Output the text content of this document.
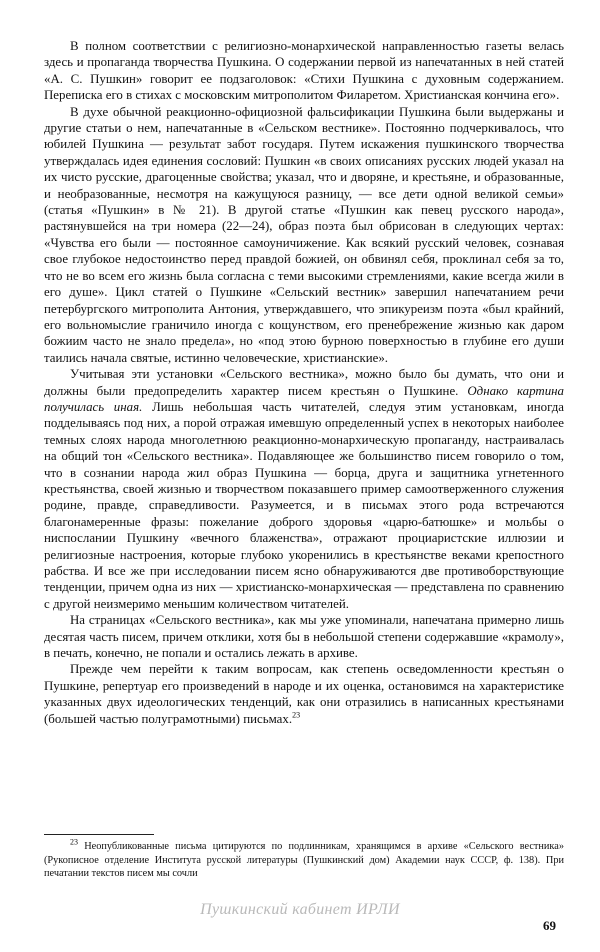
В полном соответствии с религиозно-монархической направленностью газеты велась здесь и пропаганда творчества Пушкина. О содержании первой из напечатанных в ней статей «А. С. Пушкин» говорит ее подзаголовок: «Стихи Пушкина с духовным содержанием. Переписка его в стихах с московским митрополитом Филаретом. Христианская кончина его».

В духе обычной реакционно-официозной фальсификации Пушкина были выдержаны и другие статьи о нем, напечатанные в «Сельском вестнике». Постоянно подчеркивалось, что юбилей Пушкина — результат забот государя. Путем искажения пушкинского творчества утверждалась идея единения сословий: Пушкин «в своих описаниях русских людей указал на их чисто русские, драгоценные свойства; указал, что и дворяне, и крестьяне, и образованные, и необразованные, несмотря на кажущуюся разницу, — все дети одной великой семьи» (статья «Пушкин» в № 21). В другой статье «Пушкин как певец русского народа», растянувшейся на три номера (22—24), образ поэта был обрисован в следующих чертах: «Чувства его были — постоянное самоуничижение. Как всякий русский человек, сознавая свое глубокое недостоинство перед правдой божией, он обвинял себя, проклинал себя за то, что не во всем его жизнь была согласна с теми высокими стремлениями, какие всегда жили в его душе». Цикл статей о Пушкине «Сельский вестник» завершил напечатанием речи петербургского митрополита Антония, утверждавшего, что эпикуреизм поэта «был крайний, его вольномыслие граничило иногда с кощунством, его пренебрежение жизнью как даром божиим часто не знало предела», но «под этою бурною поверхностью в глубине его души таились начала святые, истинно человеческие, христианские».

Учитывая эти установки «Сельского вестника», можно было бы думать, что они и должны были предопределить характер писем крестьян о Пушкине. Однако картина получилась иная. Лишь небольшая часть читателей, следуя этим установкам, иногда подделываясь под них, а порой отражая имевшую определенный успех в некоторых наиболее темных слоях народа многолетнюю реакционно-монархическую пропаганду, настраивалась на общий тон «Сельского вестника». Подавляющее же большинство писем говорило о том, что в сознании народа жил образ Пушкина — борца, друга и защитника угнетенного крестьянства, своей жизнью и творчеством показавшего пример самоотверженного служения родине, правде, справедливости. Разумеется, и в письмах этого рода встречаются благонамеренные фразы: пожелание доброго здоровья «царю-батюшке» и мольбы о ниспослании Пушкину «вечного блаженства», отражают проциаристские иллюзии и религиозные настроения, которые глубоко укоренились в крестьянстве веками крепостного рабства. И все же при исследовании писем ясно обнаруживаются две противоборствующие тенденции, причем одна из них — христианско-монархическая — представлена по сравнению с другой неизмеримо меньшим количеством читателей.

На страницах «Сельского вестника», как мы уже упоминали, напечатана примерно лишь десятая часть писем, причем отклики, хотя бы в небольшой степени содержавшие «крамолу», в печать, конечно, не попали и остались лежать в архиве.

Прежде чем перейти к таким вопросам, как степень осведомленности крестьян о Пушкине, репертуар его произведений в народе и их оценка, остановимся на характеристике указанных двух идеологических тенденций, как они отразились в написанных крестьянами (большей частью полуграмотными) письмах.$^{23}$

$^{23}$ Неопубликованные письма цитируются по подлинникам, хранящимся в архиве «Сельского вестника» (Рукописное отделение Института русской литературы (Пушкинский дом) Академии наук СССР, ф. 138). При печатании текстов писем мы сочли

Пушкинский кабинет ИРЛИ
69
